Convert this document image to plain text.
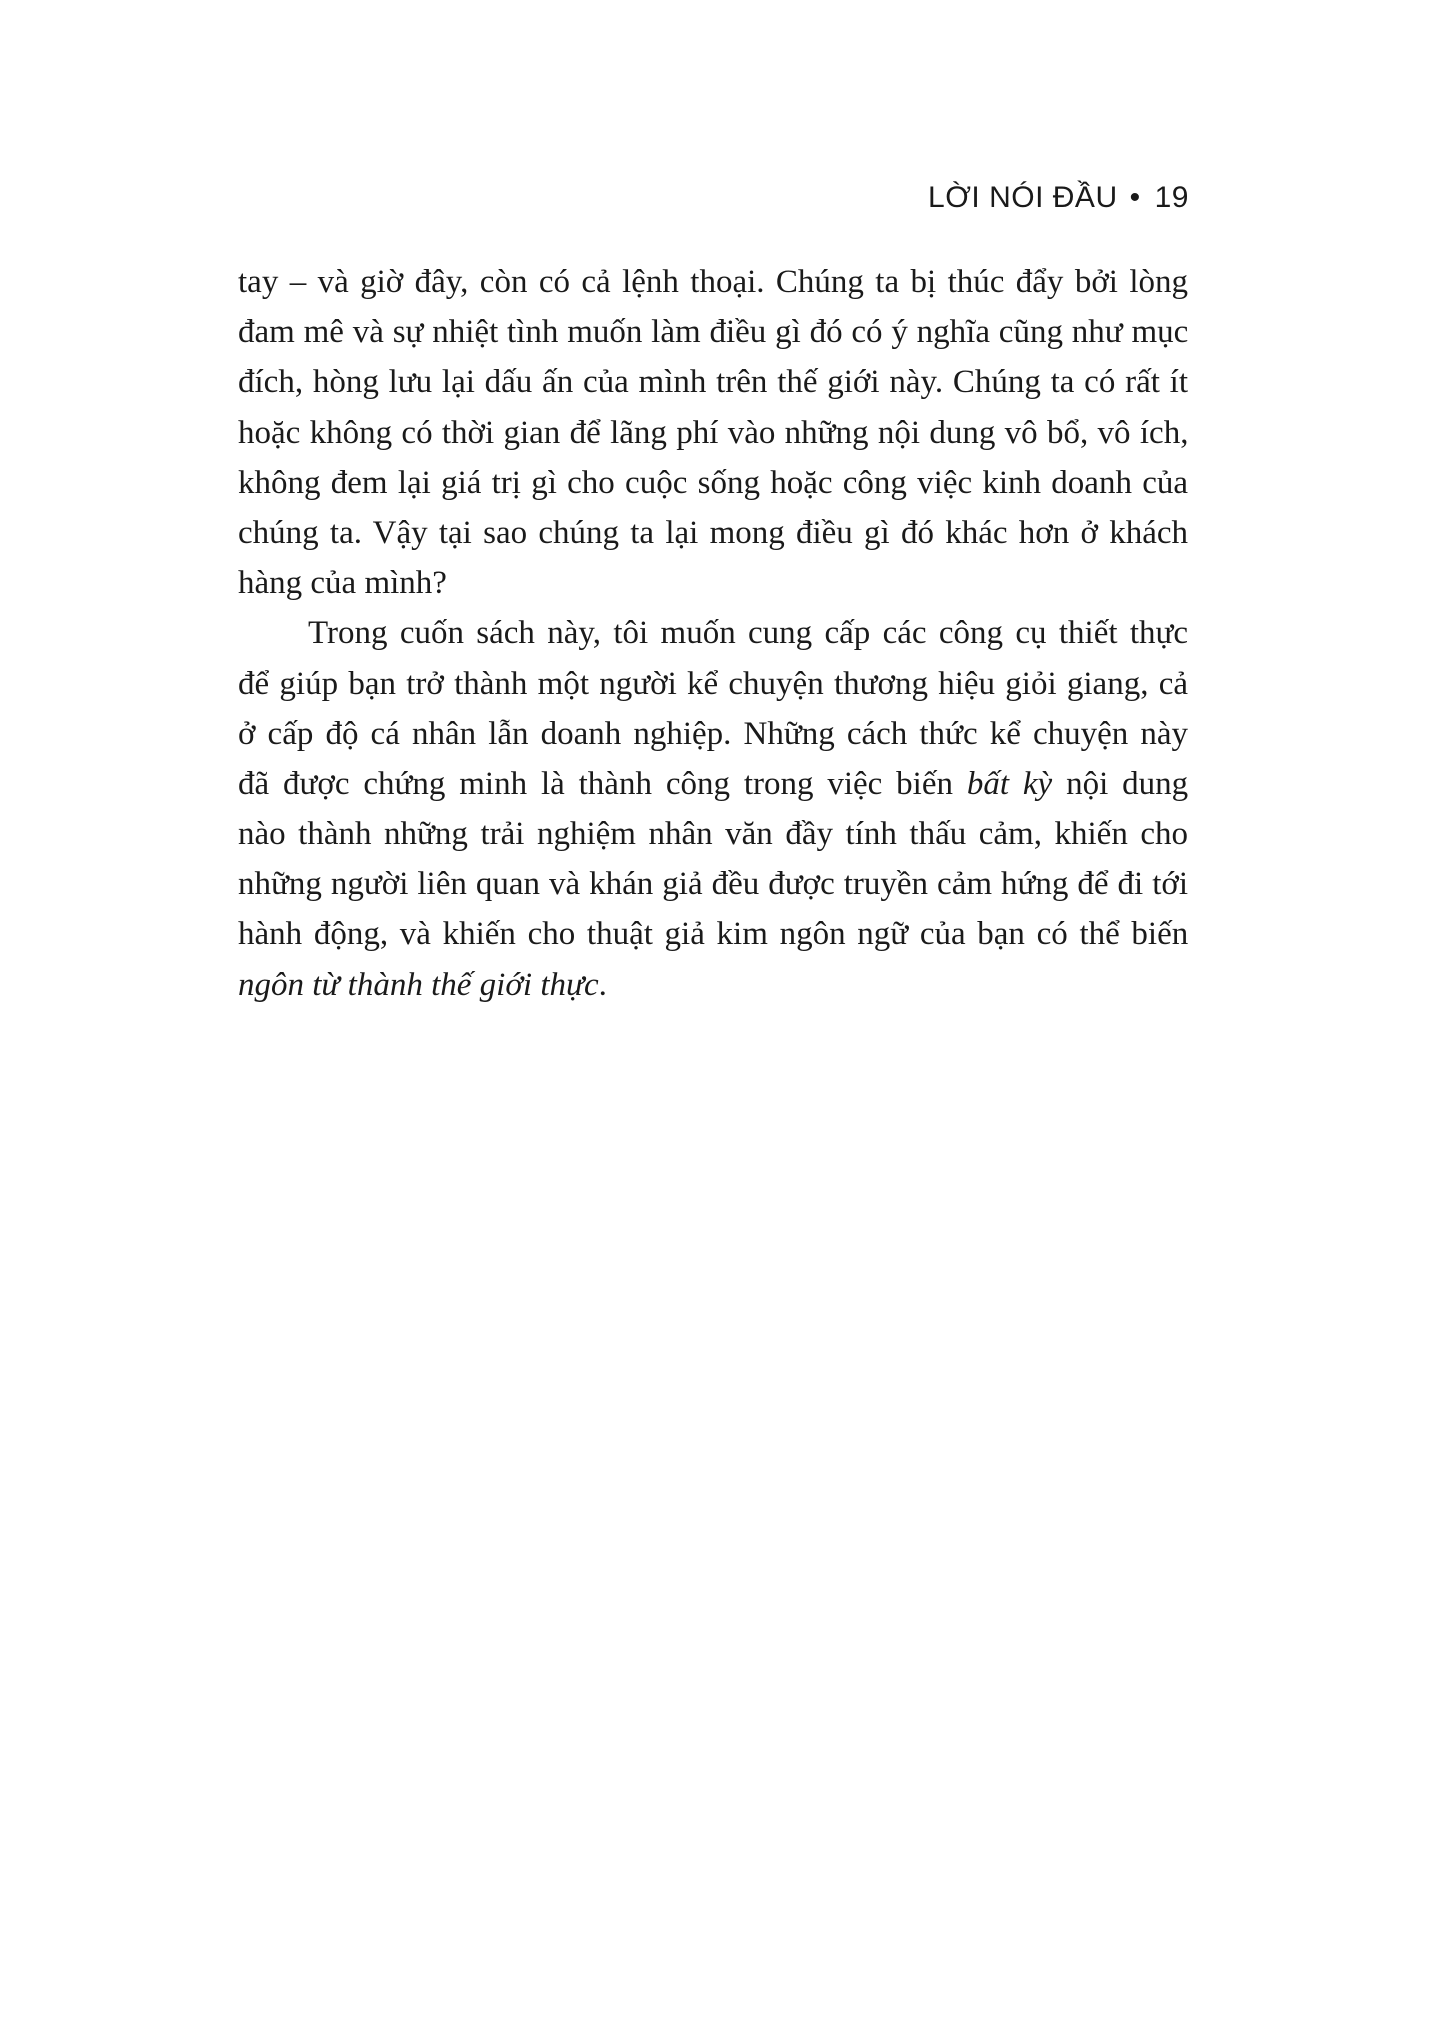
LỜI NÓI ĐẦU • 19
tay – và giờ đây, còn có cả lệnh thoại. Chúng ta bị thúc đẩy bởi lòng
đam mê và sự nhiệt tình muốn làm điều gì đó có ý nghĩa cũng như mục
đích, hòng lưu lại dấu ấn của mình trên thế giới này. Chúng ta có rất ít
hoặc không có thời gian để lãng phí vào những nội dung vô bổ, vô ích,
không đem lại giá trị gì cho cuộc sống hoặc công việc kinh doanh của
chúng ta. Vậy tại sao chúng ta lại mong điều gì đó khác hơn ở khách
hàng của mình?
Trong cuốn sách này, tôi muốn cung cấp các công cụ thiết thực
để giúp bạn trở thành một người kể chuyện thương hiệu giỏi giang, cả
ở cấp độ cá nhân lẫn doanh nghiệp. Những cách thức kể chuyện này
đã được chứng minh là thành công trong việc biến bất kỳ nội dung
nào thành những trải nghiệm nhân văn đầy tính thấu cảm, khiến cho
những người liên quan và khán giả đều được truyền cảm hứng để đi tới
hành động, và khiến cho thuật giả kim ngôn ngữ của bạn có thể biến
ngôn từ thành thế giới thực.
